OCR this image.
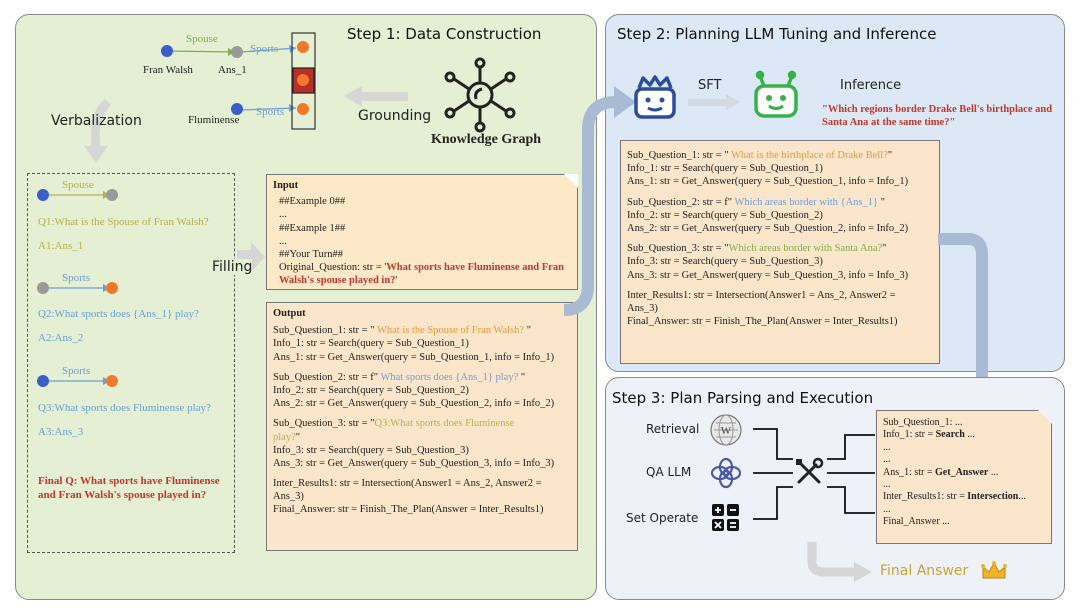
Step 1: Data Construction
Spouse
Sports
Sports
Fran Walsh Ans_1
Fluminense
Verbalization	Grounding
Knowledge Graph
Spouse
Q1:What is the Spouse of Fran Walsh?
A1:Ans_1
Sports
Q2:What sports does {Ans_1} play?
A2:Ans_2
Sports
Q3:What sports does Fluminense play?
A3:Ans_3
Final Q: What sports have Fluminense and Fran Walsh's spouse played in?
Filling
Input
##Example 0##
...
##Example 1##
...
##Your Turn##
Original_Question: str = 'What sports have Fluminense and Fran Walsh's spouse played in?'
Output
Sub_Question_1: str = " What is the Spouse of Fran Walsh? "
Info_1: str = Search(query = Sub_Question_1)
Ans_1: str = Get_Answer(query = Sub_Question_1, info = Info_1)
Sub_Question_2: str = f" What sports does {Ans_1} play? "
Info_2: str = Search(query = Sub_Question_2)
Ans_2: str = Get_Answer(query = Sub_Question_2, info = Info_2)
Sub_Question_3: str = "Q3:What sports does Fluminense
play?"
Info_3: str = Search(query = Sub_Question_3)
Ans_3: str = Get_Answer(query = Sub_Question_3, info = Info_3)
Inter_Results1: str = Intersection(Answer1 = Ans_2, Answer2 =
Ans_3)
Final_Answer: str = Finish_The_Plan(Answer = Inter_Results1)
Step 2: Planning LLM Tuning and Inference
SFT	Inference
"Which regions border Drake Bell's birthplace and Santa Ana at the same time?"
Sub_Question_1: str = " What is the birthplace of Drake Bell?"
Info_1: str = Search(query = Sub_Question_1)
Ans_1: str = Get_Answer(query = Sub_Question_1, info = Info_1)
Sub_Question_2: str = f" Which areas border with {Ans_1} "
Info_2: str = Search(query = Sub_Question_2)
Ans_2: str = Get_Answer(query = Sub_Question_2, info = Info_2)
Sub_Question_3: str = "Which areas border with Santa Ana?"
Info_3: str = Search(query = Sub_Question_3)
Ans_3: str = Get_Answer(query = Sub_Question_3, info = Info_3)
Inter_Results1: str = Intersection(Answer1 = Ans_2, Answer2 =
Ans_3)
Final_Answer: str = Finish_The_Plan(Answer = Inter_Results1)
Step 3: Plan Parsing and Execution
Retrieval
QA LLM
Set Operate
W
Sub_Question_1: ...
Info_1: str = Search ...
...
...
Ans_1: str = Get_Answer ...
...
Inter_Results1: str = Intersection...
...
Final_Answer ...
Final Answer
